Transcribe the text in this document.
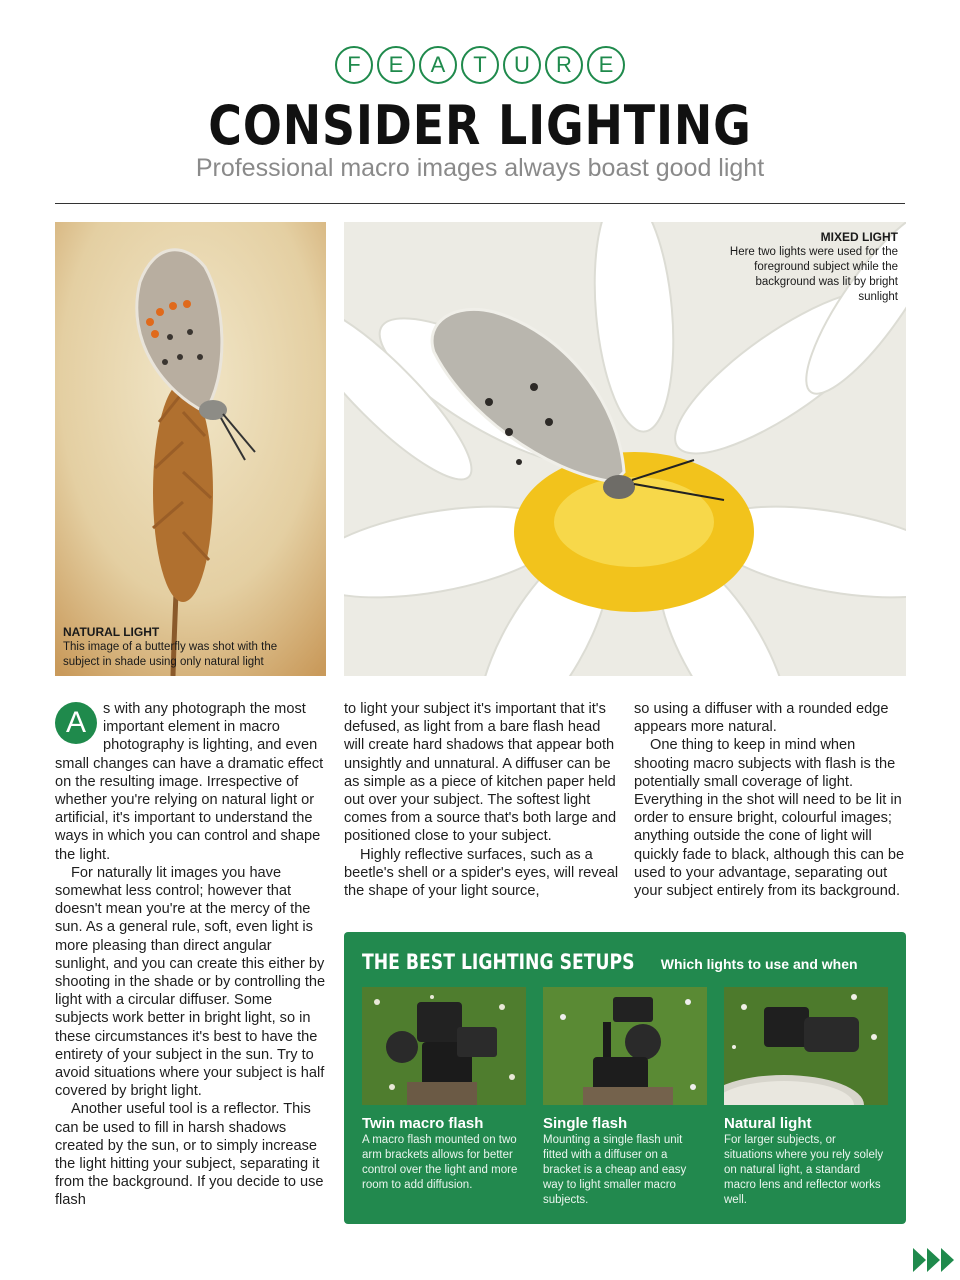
F	E	A	T	U	R	E
CONSIDER LIGHTING
Professional macro images always boast good light
NATURAL LIGHT
This image of a butterfly was shot with the subject in shade using only natural light
MIXED LIGHT
Here two lights were used for the foreground subject while the background was lit by bright sunlight
A	s with any photograph the most important element in macro photography is lighting, and even small changes can have a dramatic effect on the resulting image. Irrespective of whether you're relying on natural light or artificial, it's important to understand the ways in which you can control and shape the light.

For naturally lit images you have somewhat less control; however that doesn't mean you're at the mercy of the sun. As a general rule, soft, even light is more pleasing than direct angular sunlight, and you can create this either by shooting in the shade or by controlling the light with a circular diffuser. Some subjects work better in bright light, so in these circumstances it's best to have the entirety of your subject in the sun. Try to avoid situations where your subject is half covered by bright light.

Another useful tool is a reflector. This can be used to fill in harsh shadows created by the sun, or to simply increase the light hitting your subject, separating it from the background. If you decide to use flash

to light your subject it's important that it's defused, as light from a bare flash head will create hard shadows that appear both unsightly and unnatural. A diffuser can be as simple as a piece of kitchen paper held out over your subject. The softest light comes from a source that's both large and positioned close to your subject.

Highly reflective surfaces, such as a beetle's shell or a spider's eyes, will reveal the shape of your light source,

so using a diffuser with a rounded edge appears more natural.

One thing to keep in mind when shooting macro subjects with flash is the potentially small coverage of light. Everything in the shot will need to be lit in order to ensure bright, colourful images; anything outside the cone of light will quickly fade to black, although this can be used to your advantage, separating out your subject entirely from its background.

THE BEST LIGHTING SETUPS Which lights to use and when
Twin macro flash
A macro flash mounted on two arm brackets allows for better control over the light and more room to add diffusion.
Single flash
Mounting a single flash unit fitted with a diffuser on a bracket is a cheap and easy way to light smaller macro subjects.
Natural light
For larger subjects, or situations where you rely solely on natural light, a standard macro lens and reflector works well.
